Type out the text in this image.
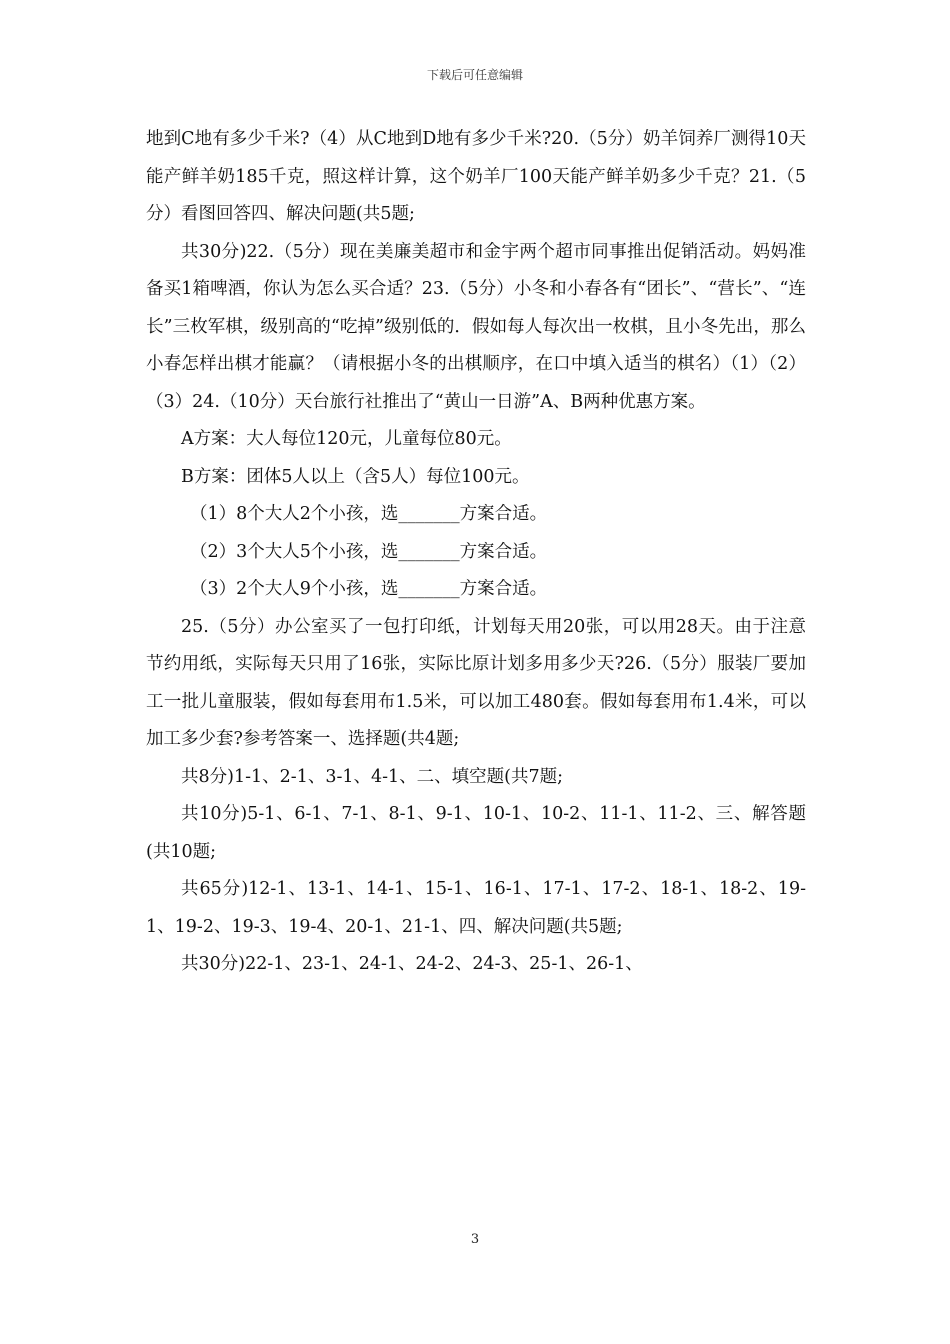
下载后可任意编辑

地到C地有多少千米?（4）从C地到D地有多少千米?20.（5分）奶羊饲养厂测得10天能产鲜羊奶185千克，照这样计算，这个奶羊厂100天能产鲜羊奶多少千克？21.（5分）看图回答四、解决问题(共5题;

共30分)22.（5分）现在美廉美超市和金宇两个超市同事推出促销活动。妈妈准备买1箱啤酒，你认为怎么买合适？23.（5分）小冬和小春各有“团长”、“营长”、“连长”三枚军棋，级别高的“吃掉”级别低的．假如每人每次出一枚棋，且小冬先出，那么小春怎样出棋才能赢？（请根据小冬的出棋顺序，在口中填入适当的棋名）（1）（2）（3）24.（10分）天台旅行社推出了“黄山一日游”A、B两种优惠方案。

A方案：大人每位120元，儿童每位80元。

B方案：团体5人以上（含5人）每位100元。

（1）8个大人2个小孩，选_______方案合适。

（2）3个大人5个小孩，选_______方案合适。

（3）2个大人9个小孩，选_______方案合适。

25.（5分）办公室买了一包打印纸，计划每天用20张，可以用28天。由于注意节约用纸，实际每天只用了16张，实际比原计划多用多少天?26.（5分）服装厂要加工一批儿童服装，假如每套用布1.5米，可以加工480套。假如每套用布1.4米，可以加工多少套?参考答案一、选择题(共4题;

共8分)1-1、2-1、3-1、4-1、二、填空题(共7题;

共10分)5-1、6-1、7-1、8-1、9-1、10-1、10-2、11-1、11-2、三、解答题(共10题;

共65分)12-1、13-1、14-1、15-1、16-1、17-1、17-2、18-1、18-2、19-1、19-2、19-3、19-4、20-1、21-1、四、解决问题(共5题;

共30分)22-1、23-1、24-1、24-2、24-3、25-1、26-1、

3
